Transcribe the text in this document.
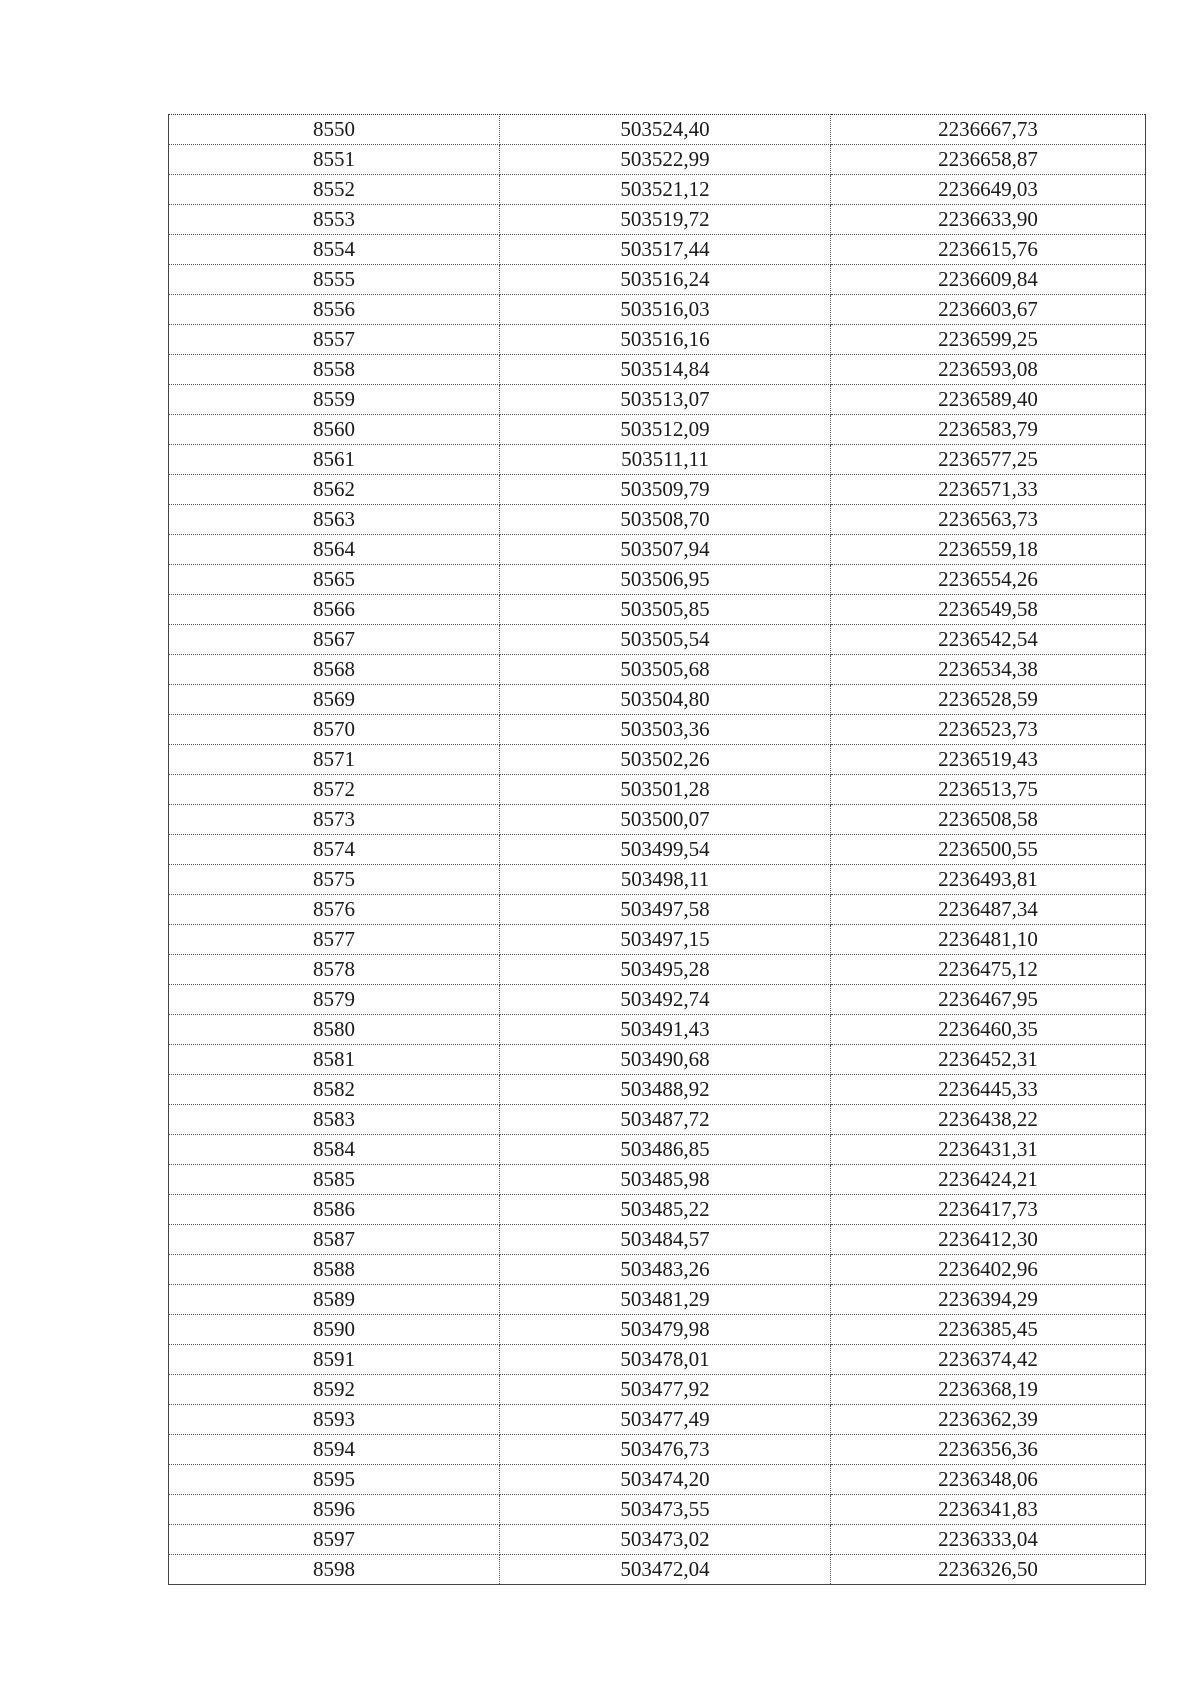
8550	503524,40	2236667,73
8551	503522,99	2236658,87
8552	503521,12	2236649,03
8553	503519,72	2236633,90
8554	503517,44	2236615,76
8555	503516,24	2236609,84
8556	503516,03	2236603,67
8557	503516,16	2236599,25
8558	503514,84	2236593,08
8559	503513,07	2236589,40
8560	503512,09	2236583,79
8561	503511,11	2236577,25
8562	503509,79	2236571,33
8563	503508,70	2236563,73
8564	503507,94	2236559,18
8565	503506,95	2236554,26
8566	503505,85	2236549,58
8567	503505,54	2236542,54
8568	503505,68	2236534,38
8569	503504,80	2236528,59
8570	503503,36	2236523,73
8571	503502,26	2236519,43
8572	503501,28	2236513,75
8573	503500,07	2236508,58
8574	503499,54	2236500,55
8575	503498,11	2236493,81
8576	503497,58	2236487,34
8577	503497,15	2236481,10
8578	503495,28	2236475,12
8579	503492,74	2236467,95
8580	503491,43	2236460,35
8581	503490,68	2236452,31
8582	503488,92	2236445,33
8583	503487,72	2236438,22
8584	503486,85	2236431,31
8585	503485,98	2236424,21
8586	503485,22	2236417,73
8587	503484,57	2236412,30
8588	503483,26	2236402,96
8589	503481,29	2236394,29
8590	503479,98	2236385,45
8591	503478,01	2236374,42
8592	503477,92	2236368,19
8593	503477,49	2236362,39
8594	503476,73	2236356,36
8595	503474,20	2236348,06
8596	503473,55	2236341,83
8597	503473,02	2236333,04
8598	503472,04	2236326,50
